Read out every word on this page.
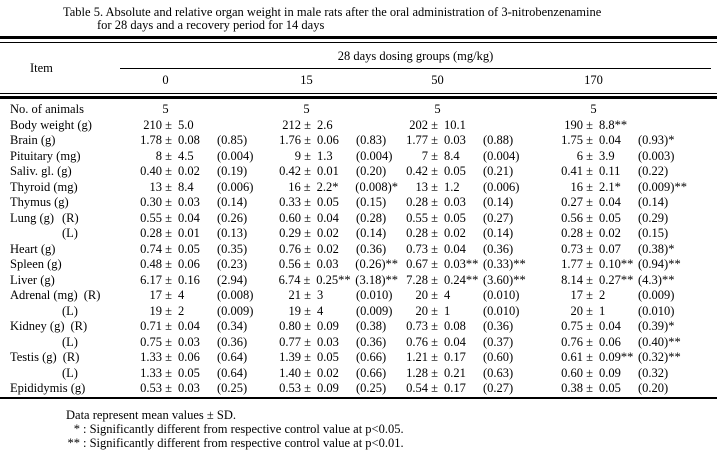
Table 5. Absolute and relative organ weight in male rats after the oral administration of 3-nitrobenzenamine
for 28 days and a recovery period for 14 days
Item
28 days dosing groups (mg/kg)
0	15	50	170
No. of animals	5	5	5	5
Body weight (g)	210 ± 5.0	212 ± 2.6	202 ± 10.1	190 ± 8.8**
Brain (g)	1.78 ± 0.08	(0.85)	1.76 ± 0.06	(0.83)	1.77 ± 0.03	(0.88)	1.75 ± 0.04	(0.93)*
Pituitary (mg)	8 ± 4.5	(0.004)	9 ± 1.3	(0.004)	7 ± 8.4	(0.004)	6 ± 3.9	(0.003)
Saliv. gl. (g)	0.40 ± 0.02	(0.19)	0.42 ± 0.01	(0.20)	0.42 ± 0.05	(0.21)	0.41 ± 0.11	(0.22)
Thyroid (mg)	13 ± 8.4	(0.006)	16 ± 2.2*	(0.008)*	13 ± 1.2	(0.006)	16 ± 2.1*	(0.009)**
Thymus (g)	0.30 ± 0.03	(0.14)	0.33 ± 0.05	(0.15)	0.28 ± 0.03	(0.14)	0.27 ± 0.04	(0.14)
Lung (g) (R)	0.55 ± 0.04	(0.26)	0.60 ± 0.04	(0.28)	0.55 ± 0.05	(0.27)	0.56 ± 0.05	(0.29)
(L)	0.28 ± 0.01	(0.13)	0.29 ± 0.02	(0.14)	0.28 ± 0.02	(0.14)	0.28 ± 0.02	(0.15)
Heart (g)	0.74 ± 0.05	(0.35)	0.76 ± 0.02	(0.36)	0.73 ± 0.04	(0.36)	0.73 ± 0.07	(0.38)*
Spleen (g)	0.48 ± 0.06	(0.23)	0.56 ± 0.03	(0.26)** 0.67 ± 0.03** (0.33)**	1.77 ± 0.10** (0.94)**
Liver (g)	6.17 ± 0.16	(2.94)	6.74 ± 0.25** (3.18)** 7.28 ± 0.24** (3.60)**	8.14 ± 0.27** (4.3)**
Adrenal (mg) (R)	17 ± 4	(0.008)	21 ± 3	(0.010)	20 ± 4	(0.010)	17 ± 2	(0.009)
(L)	19 ± 2	(0.009)	19 ± 4	(0.009)	20 ± 1	(0.010)	20 ± 1	(0.010)
Kidney (g) (R)	0.71 ± 0.04	(0.34)	0.80 ± 0.09	(0.38)	0.73 ± 0.08	(0.36)	0.75 ± 0.04	(0.39)*
(L)	0.75 ± 0.03	(0.36)	0.77 ± 0.03	(0.36)	0.76 ± 0.04	(0.37)	0.76 ± 0.06	(0.40)**
Testis (g) (R)	1.33 ± 0.06	(0.64)	1.39 ± 0.05	(0.66)	1.21 ± 0.17	(0.60)	0.61 ± 0.09** (0.32)**
(L)	1.33 ± 0.05	(0.64)	1.40 ± 0.02	(0.66)	1.28 ± 0.21	(0.63)	0.60 ± 0.09	(0.32)
Epididymis (g)	0.53 ± 0.03	(0.25)	0.53 ± 0.09	(0.25)	0.54 ± 0.17	(0.27)	0.38 ± 0.05	(0.20)
Data represent mean values ± SD.
* : Significantly different from respective control value at p<0.05.
** : Significantly different from respective control value at p<0.01.
